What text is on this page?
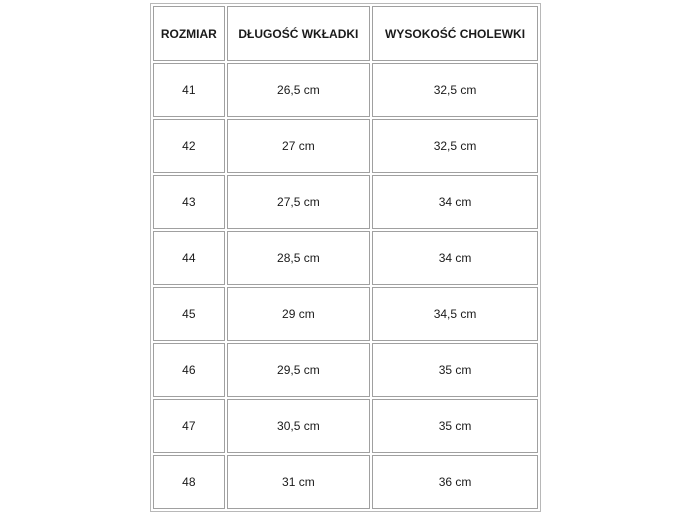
ROZMIAR	DŁUGOŚĆ WKŁADKI	WYSOKOŚĆ CHOLEWKI
41	26,5 cm	32,5 cm
42	27 cm	32,5 cm
43	27,5 cm	34 cm
44	28,5 cm	34 cm
45	29 cm	34,5 cm
46	29,5 cm	35 cm
47	30,5 cm	35 cm
48	31 cm	36 cm
